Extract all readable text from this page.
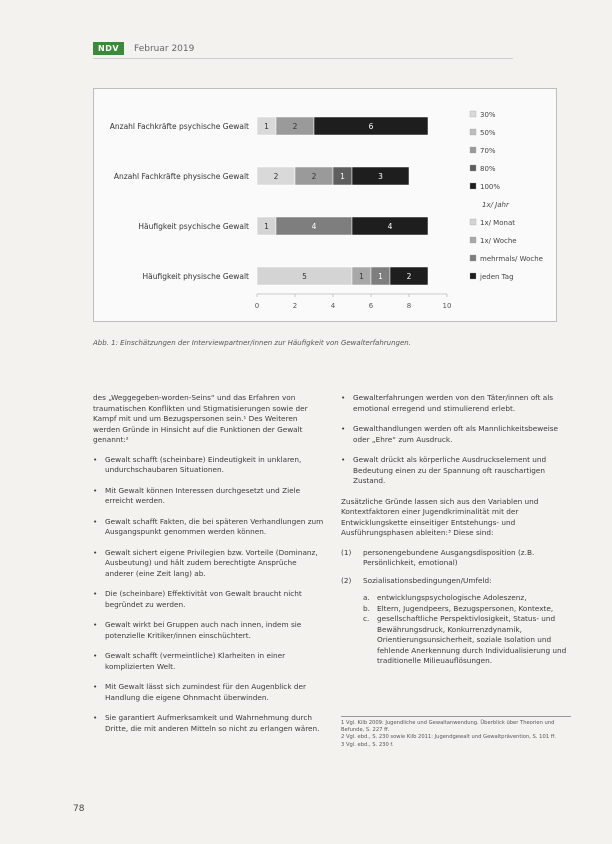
NDV	Februar 2019
Anzahl Fachkräfte psychische Gewalt
Anzahl Fachkräfte physische Gewalt
Häufigkeit psychische Gewalt
Häufigkeit physische Gewalt
1	2	6
2	2	1	3
1	4	4
5	1 1	2
0	2	4	6	8	10
30%
50%
70%
80%
100%
1x/ Jahr
1x/ Monat
1x/ Woche
mehrmals/ Woche
jeden Tag
Abb. 1: Einschätzungen der Interviewpartner/innen zur Häufigkeit von Gewalterfahrungen.

des „Weggegeben-worden-Seins“ und das Erfahren von traumatischen Konflikten und Stigmatisierungen sowie der Kampf mit und um Bezugspersonen sein.¹ Des Weiteren werden Gründe in Hinsicht auf die Funktionen der Gewalt genannt:²

• Gewalt schafft (scheinbare) Eindeutigkeit in unklaren, undurchschaubaren Situationen.
• Mit Gewalt können Interessen durchgesetzt und Ziele erreicht werden.
• Gewalt schafft Fakten, die bei späteren Verhandlungen zum Ausgangspunkt genommen werden können.
• Gewalt sichert eigene Privilegien bzw. Vorteile (Dominanz, Ausbeutung) und hält zudem berechtigte Ansprüche anderer (eine Zeit lang) ab.
• Die (scheinbare) Effektivität von Gewalt braucht nicht begründet zu werden.
• Gewalt wirkt bei Gruppen auch nach innen, indem sie potenzielle Kritiker/innen einschüchtert.
• Gewalt schafft (vermeintliche) Klarheiten in einer komplizierten Welt.
• Mit Gewalt lässt sich zumindest für den Augenblick der Handlung die eigene Ohnmacht überwinden.
• Sie garantiert Aufmerksamkeit und Wahrnehmung durch Dritte, die mit anderen Mitteln so nicht zu erlangen wären.
• Gewalterfahrungen werden von den Täter/innen oft als emotional erregend und stimulierend erlebt.
• Gewalthandlungen werden oft als Mannlichkeitsbeweise oder „Ehre“ zum Ausdruck.
• Gewalt drückt als körperliche Ausdruckselement und Bedeutung einen zu der Spannung oft rauschartigen Zustand.

Zusätzliche Gründe lassen sich aus den Variablen und Kontextfaktoren einer Jugendkriminalität mit der Entwicklungskette einseitiger Entstehungs- und Ausführungsphasen ableiten:³ Diese sind:

(1)	personengebundene Ausgangsdisposition (z.B. Persönlichkeit, emotional)
(2)	Sozialisationsbedingungen/Umfeld:
a. entwicklungspsychologische Adoleszenz,
b. Eltern, Jugendpeers, Bezugspersonen, Kontexte,
c.	gesellschaftliche Perspektivlosigkeit, Status- und Bewährungsdruck, Konkurrenzdynamik, Orientierungsunsicherheit, soziale Isolation und fehlende Anerkennung durch Individualisierung und traditionelle Milieuauflösungen.
1 Vgl. Kilb 2009: Jugendliche und Gewaltanwendung. Überblick über Theorien und Befunde, S. 227 ff.
2 Vgl. ebd., S. 230 sowie Kilb 2011: Jugendgewalt und Gewaltprävention, S. 101 ff.
3 Vgl. ebd., S. 230 f.
78
